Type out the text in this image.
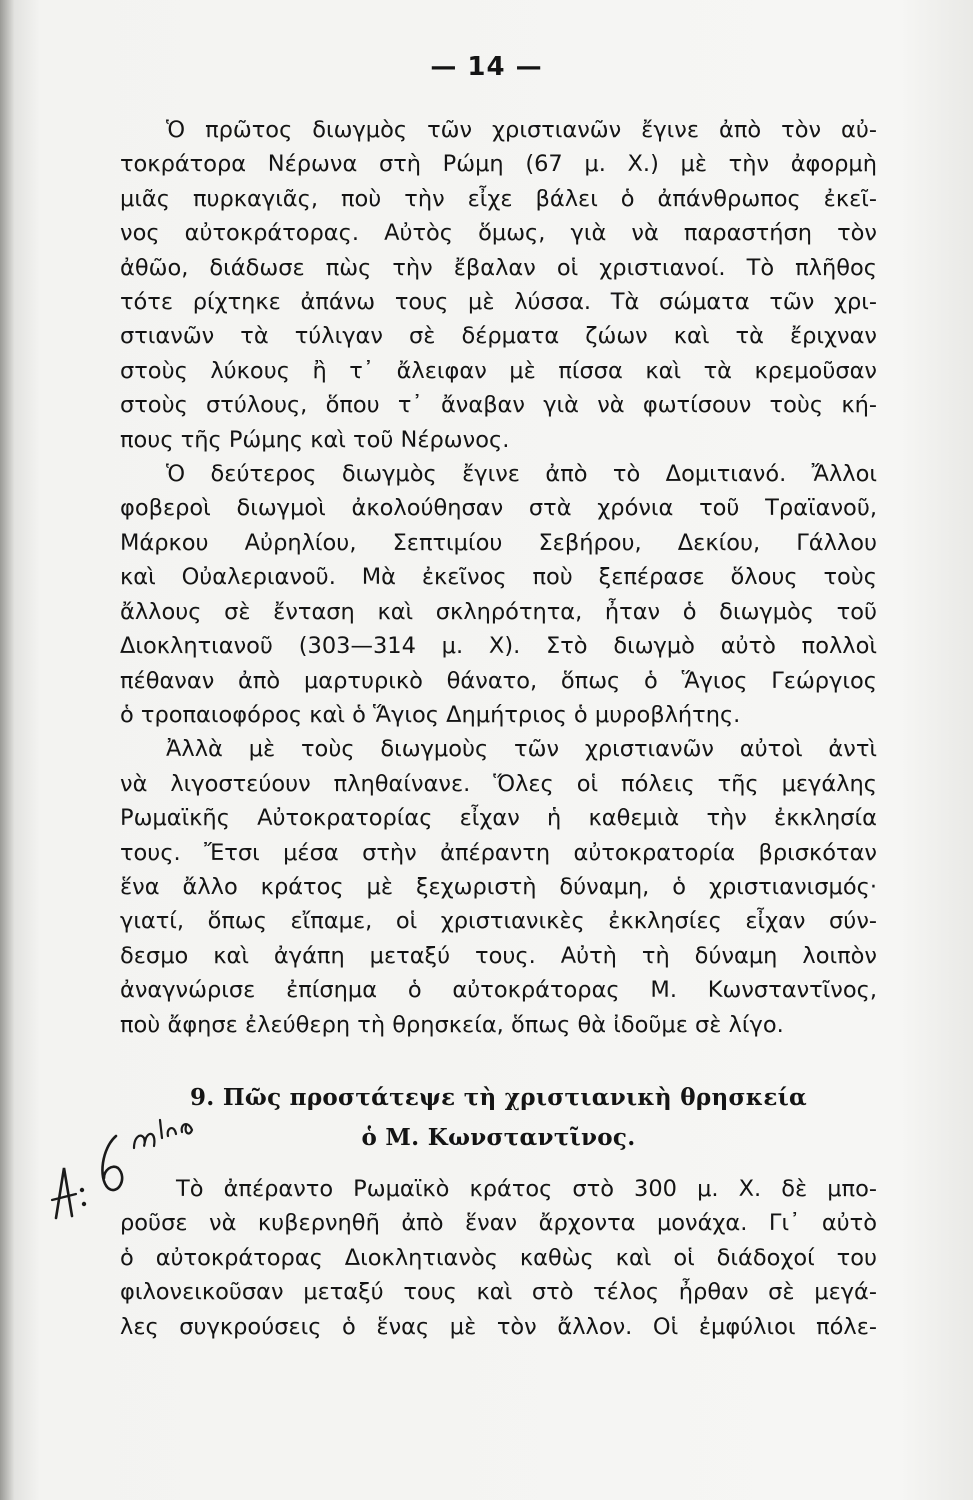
— 14 —
Ὁ πρῶτος διωγμὸς τῶν χριστιανῶν ἔγινε ἀπὸ τὸν αὐ-
τοκράτορα Νέρωνα στὴ Ρώμη (67 μ. Χ.) μὲ τὴν ἀφορμὴ
μιᾶς πυρκαγιᾶς, ποὺ τὴν εἶχε βάλει ὁ ἀπάνθρωπος ἐκεῖ-
νος αὐτοκράτορας. Αὐτὸς ὅμως, γιὰ νὰ παραστήση τὸν
ἀθῶο, διάδωσε πὼς τὴν ἔβαλαν οἱ χριστιανοί. Τὸ πλῆθος
τότε ρίχτηκε ἀπάνω τους μὲ λύσσα. Τὰ σώματα τῶν χρι-
στιανῶν τὰ τύλιγαν σὲ δέρματα ζώων καὶ τὰ ἔριχναν
στοὺς λύκους ἢ τ᾿ ἄλειφαν μὲ πίσσα καὶ τὰ κρεμοῦσαν
στοὺς στύλους, ὅπου τ᾿ ἄναβαν γιὰ νὰ φωτίσουν τοὺς κή-
πους τῆς Ρώμης καὶ τοῦ Νέρωνος.
Ὁ δεύτερος διωγμὸς ἔγινε ἀπὸ τὸ Δομιτιανό. Ἄλλοι
φοβεροὶ διωγμοὶ ἀκολούθησαν στὰ χρόνια τοῦ Τραϊανοῦ,
Μάρκου Αὐρηλίου, Σεπτιμίου Σεβήρου, Δεκίου, Γάλλου
καὶ Οὐαλεριανοῦ. Μὰ ἐκεῖνος ποὺ ξεπέρασε ὅλους τοὺς
ἄλλους σὲ ἔνταση καὶ σκληρότητα, ἦταν ὁ διωγμὸς τοῦ
Διοκλητιανοῦ (303—314 μ. Χ). Στὸ διωγμὸ αὐτὸ πολλοὶ
πέθαναν ἀπὸ μαρτυρικὸ θάνατο, ὅπως ὁ Ἅγιος Γεώργιος
ὁ τροπαιοφόρος καὶ ὁ Ἅγιος Δημήτριος ὁ μυροβλήτης.
Ἀλλὰ μὲ τοὺς διωγμοὺς τῶν χριστιανῶν αὐτοὶ ἀντὶ
νὰ λιγοστεύουν πληθαίνανε. Ὅλες οἱ πόλεις τῆς μεγάλης
Ρωμαϊκῆς Αὐτοκρατορίας εἶχαν ἡ καθεμιὰ τὴν ἐκκλησία
τους. Ἔτσι μέσα στὴν ἀπέραντη αὐτοκρατορία βρισκόταν
ἕνα ἄλλο κράτος μὲ ξεχωριστὴ δύναμη, ὁ χριστιανισμός·
γιατί, ὅπως εἴπαμε, οἱ χριστιανικὲς ἐκκλησίες εἶχαν σύν-
δεσμο καὶ ἀγάπη μεταξύ τους. Αὐτὴ τὴ δύναμη λοιπὸν
ἀναγνώρισε ἐπίσημα ὁ αὐτοκράτορας Μ. Κωνσταντῖνος,
ποὺ ἄφησε ἐλεύθερη τὴ θρησκεία, ὅπως θὰ ἰδοῦμε σὲ λίγο.
9. Πῶς προστάτεψε τὴ χριστιανικὴ θρησκεία
ὁ Μ. Κωνσταντῖνος.
Τὸ ἀπέραντο Ρωμαϊκὸ κράτος στὸ 300 μ. Χ. δὲ μπο-
ροῦσε νὰ κυβερνηθῆ ἀπὸ ἕναν ἄρχοντα μονάχα. Γι᾿ αὐτὸ
ὁ αὐτοκράτορας Διοκλητιανὸς καθὼς καὶ οἱ διάδοχοί του
φιλονεικοῦσαν μεταξύ τους καὶ στὸ τέλος ἦρθαν σὲ μεγά-
λες συγκρούσεις ὁ ἕνας μὲ τὸν ἄλλον. Οἱ ἐμφύλιοι πόλε-
